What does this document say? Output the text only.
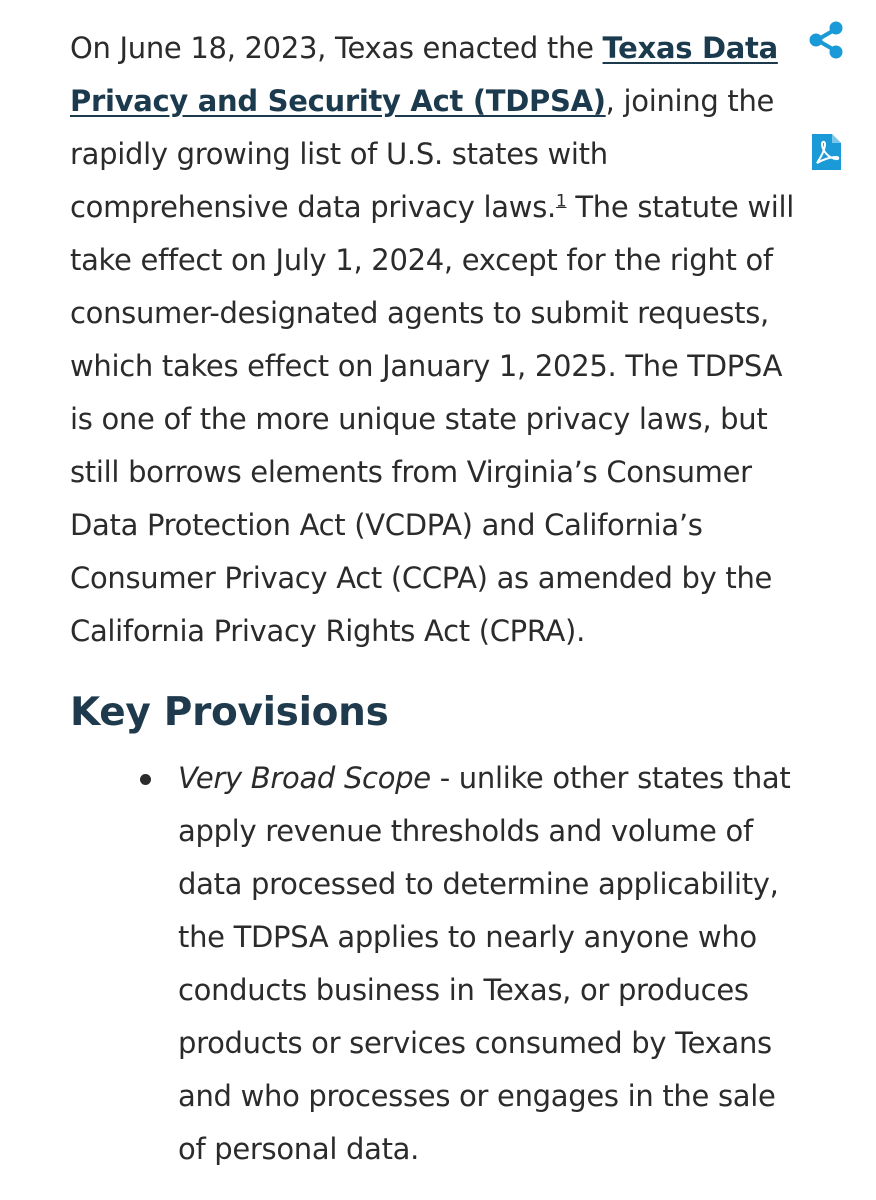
On June 18, 2023, Texas enacted the Texas Data Privacy and Security Act (TDPSA), joining the rapidly growing list of U.S. states with comprehensive data privacy laws.$^1$ The statute will take effect on July 1, 2024, except for the right of consumer-designated agents to submit requests, which takes effect on January 1, 2025. The TDPSA is one of the more unique state privacy laws, but still borrows elements from Virginia’s Consumer Data Protection Act (VCDPA) and California’s Consumer Privacy Act (CCPA) as amended by the California Privacy Rights Act (CPRA).

Key Provisions
Very Broad Scope - unlike other states that apply revenue thresholds and volume of data processed to determine applicability, the TDPSA applies to nearly anyone who conducts business in Texas, or produces products or services consumed by Texans and who processes or engages in the sale of personal data.
